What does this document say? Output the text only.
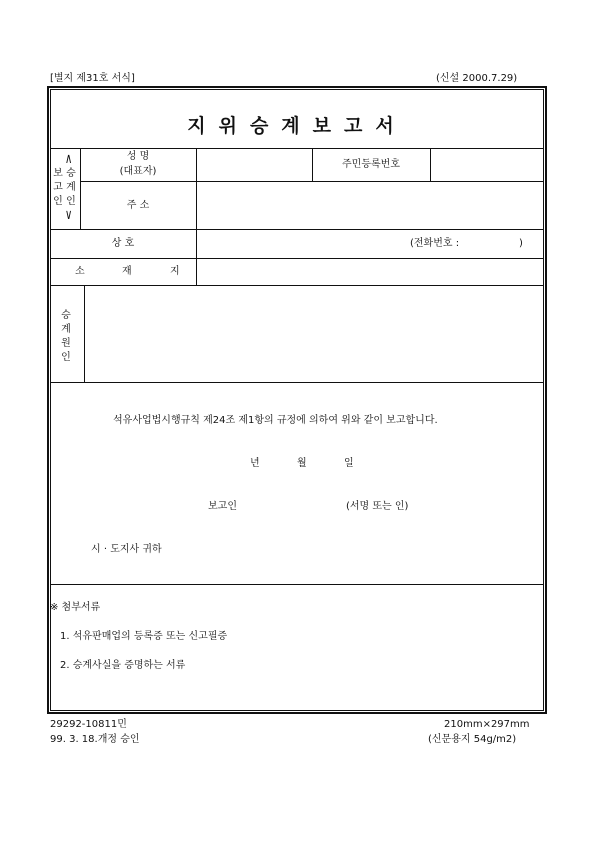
[별지 제31호 서식]	(신설 2000.7.29)
지위승계보고서
∧
보
고
인
승
계
인
∨
성 명
(대표자)
주민등록번호
주 소
상 호	(전화번호 :	)
소	재	지
승
계
원
인
석유사업법시행규칙 제24조 제1항의 규정에 의하여 위와 같이 보고합니다.
년	월	일
보고인	(서명 또는 인)
시 · 도지사 귀하
※ 첨부서류
1. 석유판매업의 등록증 또는 신고필증
2. 승계사실을 증명하는 서류
29292-10811민
99. 3. 18.개정 승인
210mm×297mm
(신문용지 54g/m2)
